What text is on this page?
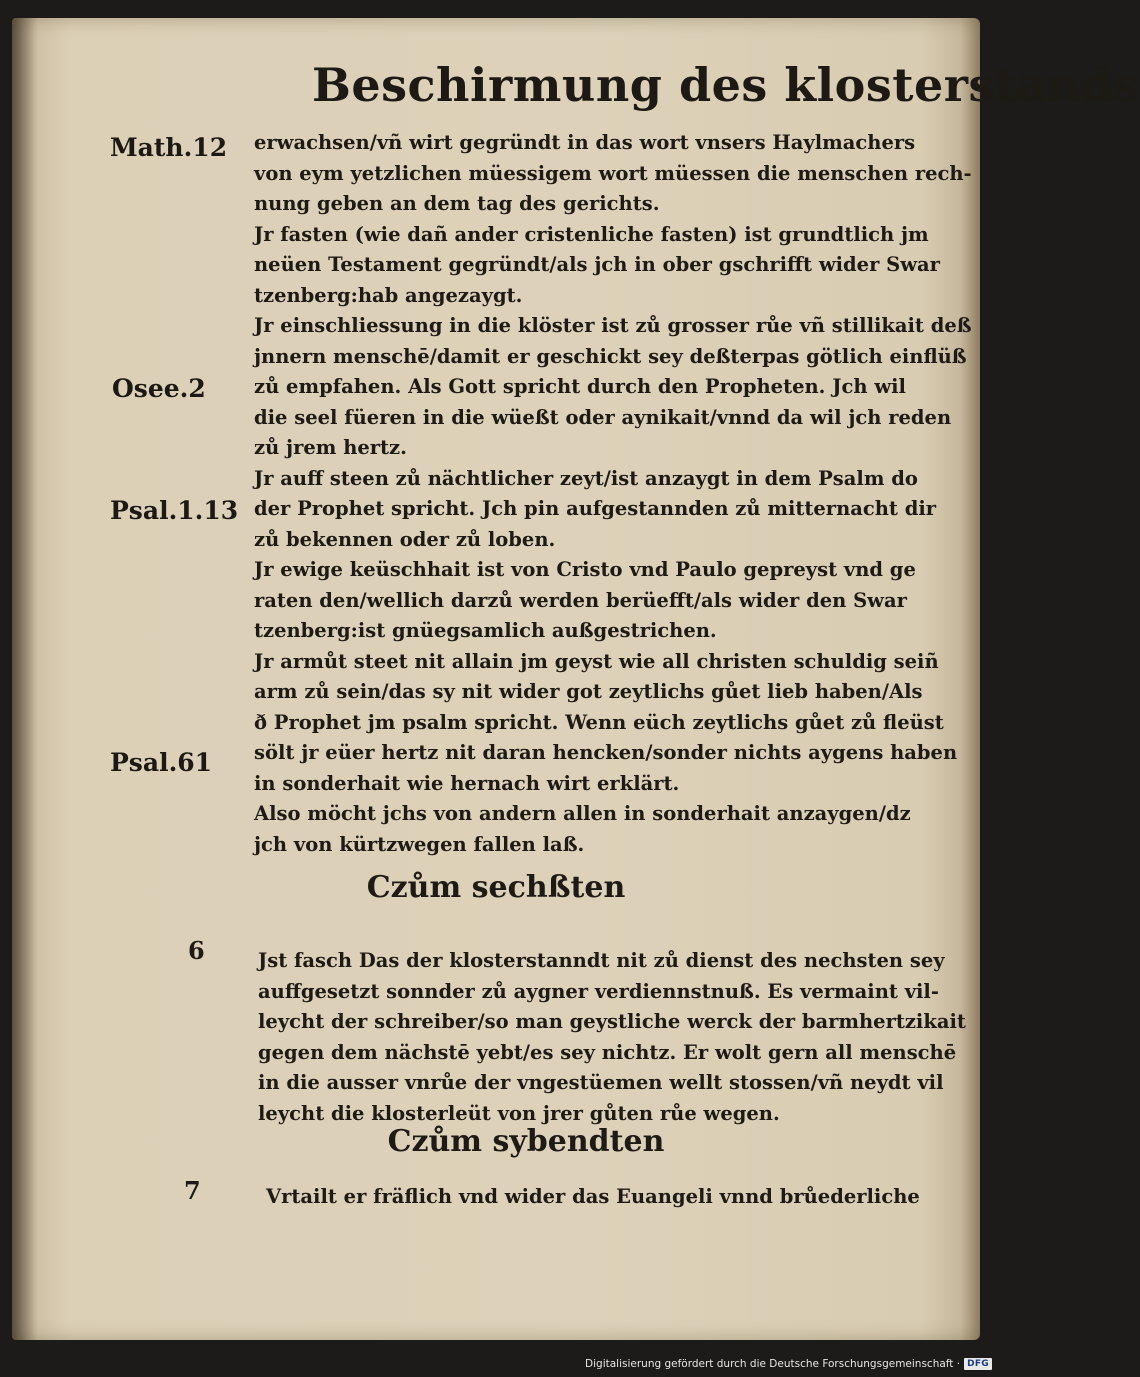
Beschirmung des klosterstands
Math.12
Osee.2
Psal.1.13
Psal.61
erwachsen/vñ wirt gegründt in das wort vnsers Haylmachers
von eym yetzlichen müessigem wort müessen die menschen rech-
nung geben an dem tag des gerichts.
Jr fasten (wie dañ ander cristenliche fasten) ist grundtlich jm
neüen Testament gegründt/als jch in ober gschrifft wider Swar
tzenberg:hab angezaygt.
Jr einschliessung in die klöster ist zů grosser růe vñ stillikait deß
jnnern menschē/damit er geschickt sey deßterpas götlich einflüß
zů empfahen. Als Gott spricht durch den Propheten. Jch wil
die seel füeren in die wüeßt oder aynikait/vnnd da wil jch reden
zů jrem hertz.
Jr auff steen zů nächtlicher zeyt/ist anzaygt in dem Psalm do
der Prophet spricht. Jch pin aufgestannden zů mitternacht dir
zů bekennen oder zů loben.
Jr ewige keüschhait ist von Cristo vnd Paulo gepreyst vnd ge
raten den/wellich darzů werden berüefft/als wider den Swar
tzenberg:ist gnüegsamlich außgestrichen.
Jr armůt steet nit allain jm geyst wie all christen schuldig seiñ
arm zů sein/das sy nit wider got zeytlichs gůet lieb haben/Als
ð Prophet jm psalm spricht. Wenn eüch zeytlichs gůet zů fleüst
sölt jr eüer hertz nit daran hencken/sonder nichts aygens haben
in sonderhait wie hernach wirt erklärt.
Also möcht jchs von andern allen in sonderhait anzaygen/dz
jch von kürtzwegen fallen laß.
Czům sechßten
6	Jst fasch Das der klosterstanndt nit zů dienst des nechsten sey
auffgesetzt sonnder zů aygner verdiennstnuß. Es vermaint vil-
leycht der schreiber/so man geystliche werck der barmhertzikait
gegen dem nächstē yebt/es sey nichtz. Er wolt gern all menschē
in die ausser vnrůe der vngestüemen wellt stossen/vñ neydt vil
leycht die klosterleüt von jrer gůten růe wegen.
Czům sybendten
7	Vrtailt er fräflich vnd wider das Euangeli vnnd brůederliche
Digitalisierung gefördert durch die Deutsche Forschungsgemeinschaft · DFG
